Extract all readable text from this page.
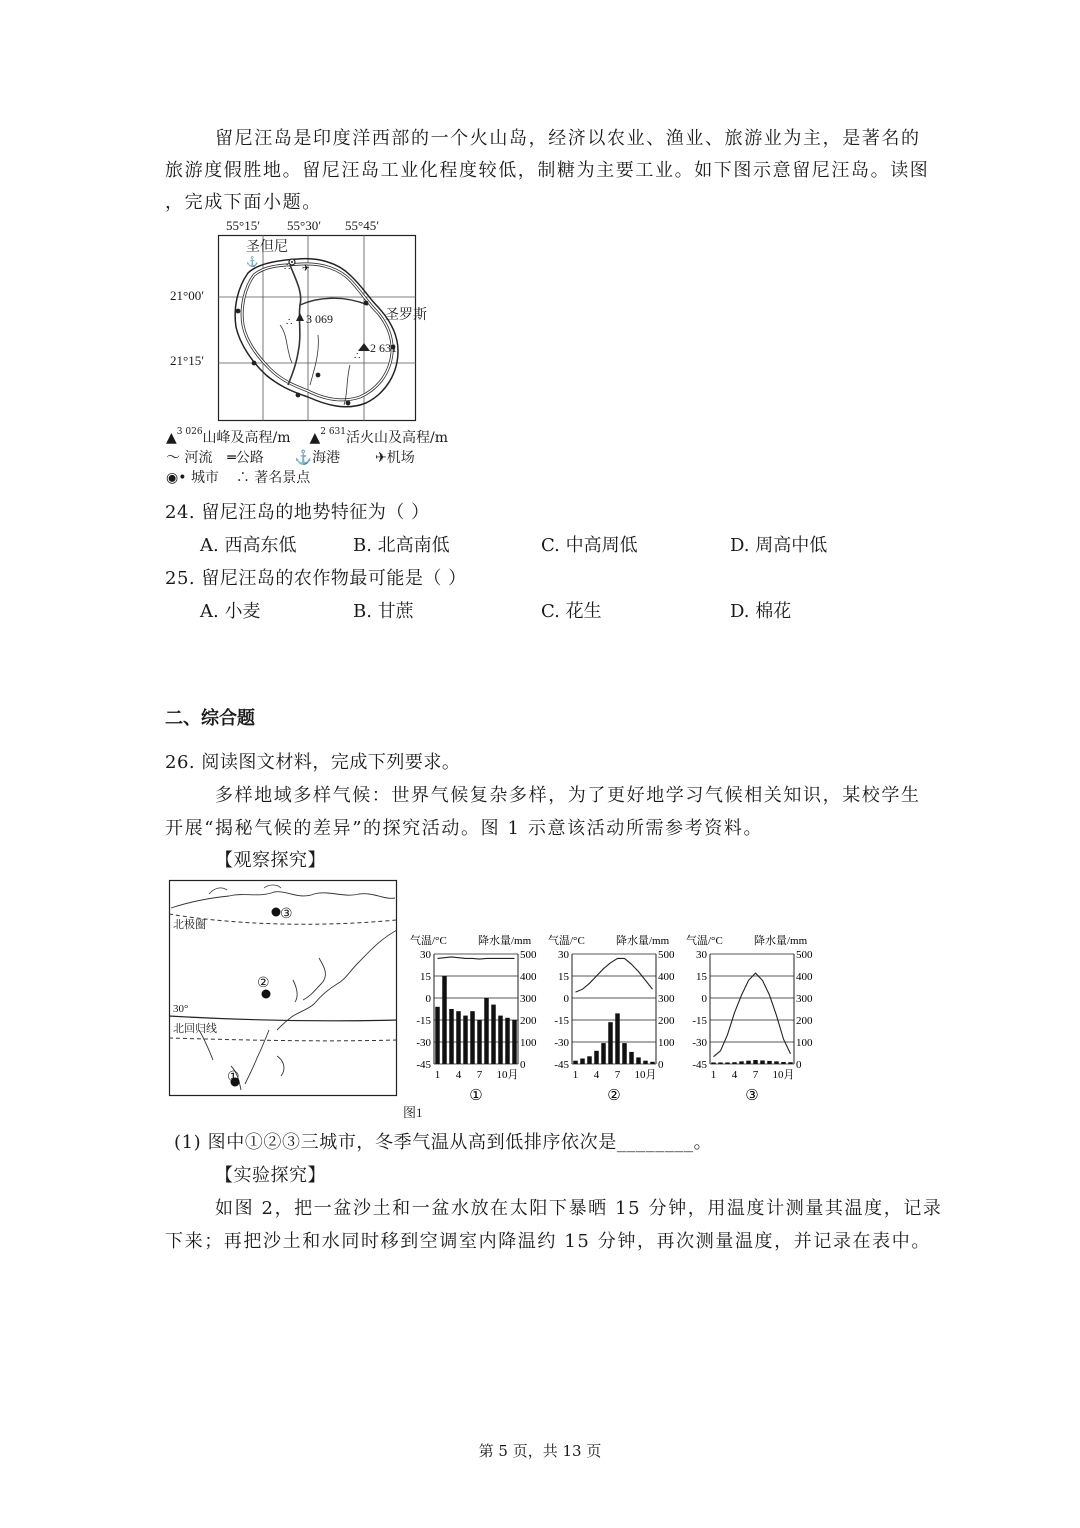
留尼汪岛是印度洋西部的一个火山岛，经济以农业、渔业、旅游业为主，是著名的
旅游度假胜地。留尼汪岛工业化程度较低，制糖为主要工业。如下图示意留尼汪岛。读图
，完成下面小题。
55°15′ 55°30′ 55°45′
21°00′
21°15′
∴
∴
∴
⚓	✈
圣但尼
圣罗斯
3 069
2 631
▲$^{3 026}$山峰及高程/m ▲$^{2 631}$活火山及高程/m
〜 河流 ═公路 ⚓海港 ✈机场
◉• 城市 ∴ 著名景点
24. 留尼汪岛的地势特征为（ ）
A. 西高东低	B. 北高南低	C. 中高周低	D. 周高中低
25. 留尼汪岛的农作物最可能是（ ）
A. 小麦	B. 甘蔗	C. 花生	D. 棉花
二、综合题
26. 阅读图文材料，完成下列要求。
多样地域多样气候：世界气候复杂多样，为了更好地学习气候相关知识，某校学生
开展“揭秘气候的差异”的探究活动。图 1 示意该活动所需参考资料。
【观察探究】
北极圈
30°
北回归线
③
②
①
气温/°C	降水量/mm
30	500
15	400
0	300
-15	200
-30	100
-45	0
1 4 7 10月
①
气温/°C	降水量/mm
30	500
15	400
0	300
-15	200
-30	100
-45	0
1 4 7 10月
②
气温/°C	降水量/mm
30	500
15	400
0	300
-15	200
-30	100
-45	0
1 4 7 10月
③
图1
(1) 图中①②③三城市，冬季气温从高到低排序依次是________。
【实验探究】
如图 2，把一盆沙土和一盆水放在太阳下暴晒 15 分钟，用温度计测量其温度，记录
下来；再把沙土和水同时移到空调室内降温约 15 分钟，再次测量温度，并记录在表中。
第 5 页，共 13 页
